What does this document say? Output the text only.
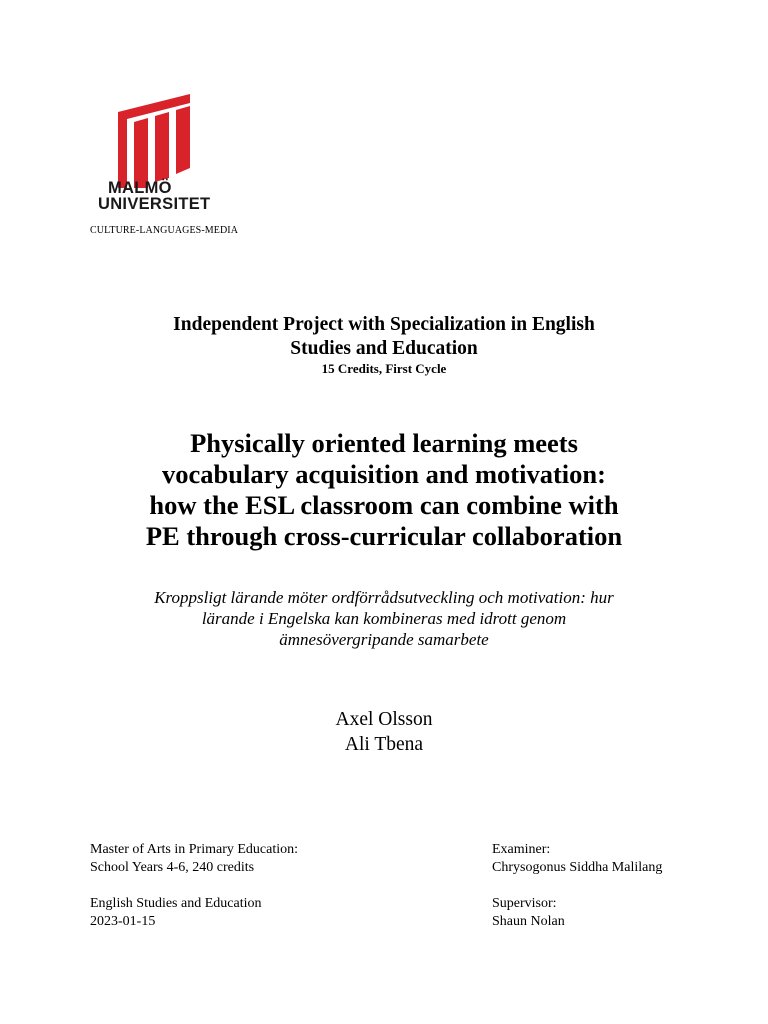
MALMÖ
UNIVERSITET
CULTURE-LANGUAGES-MEDIA
Independent Project with Specialization in English
Studies and Education
15 Credits, First Cycle
Physically oriented learning meets
vocabulary acquisition and motivation:
how the ESL classroom can combine with
PE through cross-curricular collaboration
Kroppsligt lärande möter ordförrådsutveckling och motivation: hur
lärande i Engelska kan kombineras med idrott genom
ämnesövergripande samarbete
Axel Olsson
Ali Tbena
Master of Arts in Primary Education:
School Years 4-6, 240 credits
English Studies and Education
2023-01-15
Examiner:
Chrysogonus Siddha Malilang
Supervisor:
Shaun Nolan
